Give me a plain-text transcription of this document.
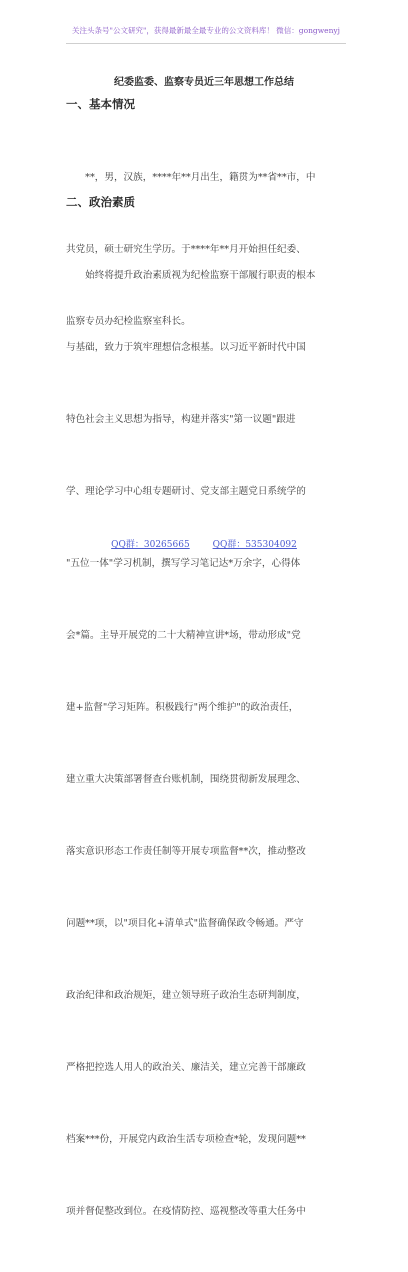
关注头条号"公文研究"，获得最新最全最专业的公文资料库！ 微信：gongwenyj
纪委监委、监察专员近三年思想工作总结
一、基本情况

　　**，男，汉族，****年**月出生，籍贯为**省**市，中

共党员，硕士研究生学历。于****年**月开始担任纪委、

监察专员办纪检监察室科长。

二、政治素质

　　始终将提升政治素质视为纪检监察干部履行职责的根本

与基础，致力于筑牢理想信念根基。以习近平新时代中国

特色社会主义思想为指导，构建并落实"第一议题"跟进

学、理论学习中心组专题研讨、党支部主题党日系统学的

"五位一体"学习机制，撰写学习笔记达*万余字，心得体

会*篇。主导开展党的二十大精神宣讲*场，带动形成"党

建+监督"学习矩阵。积极践行"两个维护"的政治责任，

建立重大决策部署督查台账机制，围绕贯彻新发展理念、

落实意识形态工作责任制等开展专项监督**次，推动整改

问题**项，以"项目化+清单式"监督确保政令畅通。严守

政治纪律和政治规矩，建立领导班子政治生态研判制度，

严格把控选人用人的政治关、廉洁关，建立完善干部廉政

档案***份，开展党内政治生活专项检查*轮，发现问题**

项并督促整改到位。在疫情防控、巡视整改等重大任务中

QQ群：30265665	QQ群：535304092
